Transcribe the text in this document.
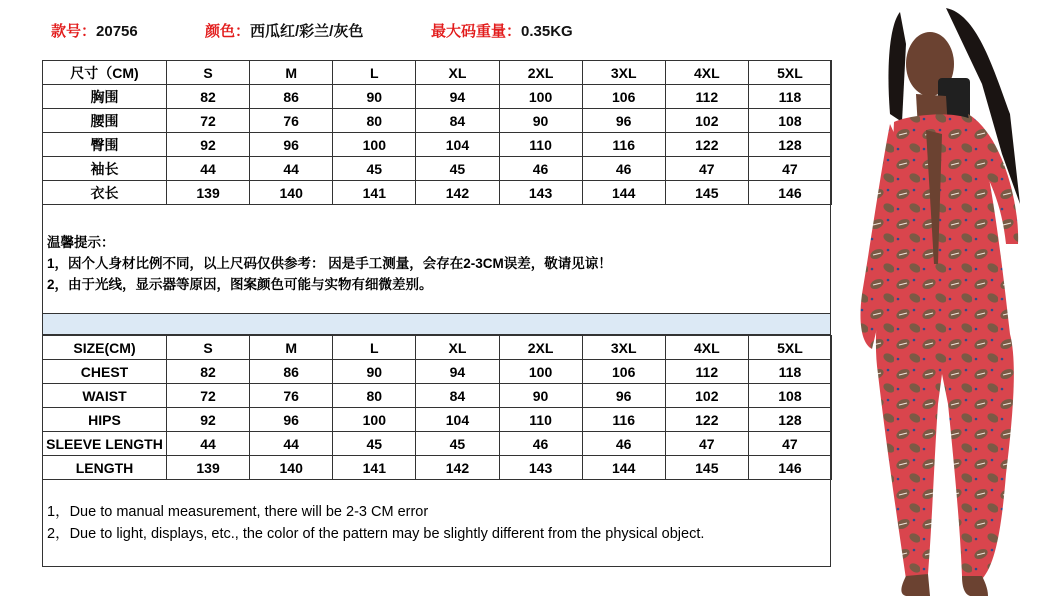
款号：20756	颜色：西瓜红/彩兰/灰色	最大码重量：0.35KG
尺寸（CM)	S	M	L	XL	2XL	3XL	4XL	5XL
胸围	82	86	90	94	100	106	112	118
腰围	72	76	80	84	90	96	102	108
臀围	92	96	100	104	110	116	122	128
袖长	44	44	45	45	46	46	47	47
衣长	139	140	141	142	143	144	145	146
温馨提示：
1，因个人身材比例不同，以上尺码仅供参考： 因是手工测量，会存在2-3CM误差，敬请见谅！
2，由于光线，显示器等原因，图案颜色可能与实物有细微差别。
SIZE(CM)	S	M	L	XL	2XL	3XL	4XL	5XL
CHEST	82	86	90	94	100	106	112	118
WAIST	72	76	80	84	90	96	102	108
HIPS	92	96	100	104	110	116	122	128
SLEEVE LENGTH	44	44	45	45	46	46	47	47
LENGTH	139	140	141	142	143	144	145	146
1，Due to manual measurement, there will be 2-3 CM error
2，Due to light, displays, etc., the color of the pattern may be slightly different from the physical object.
